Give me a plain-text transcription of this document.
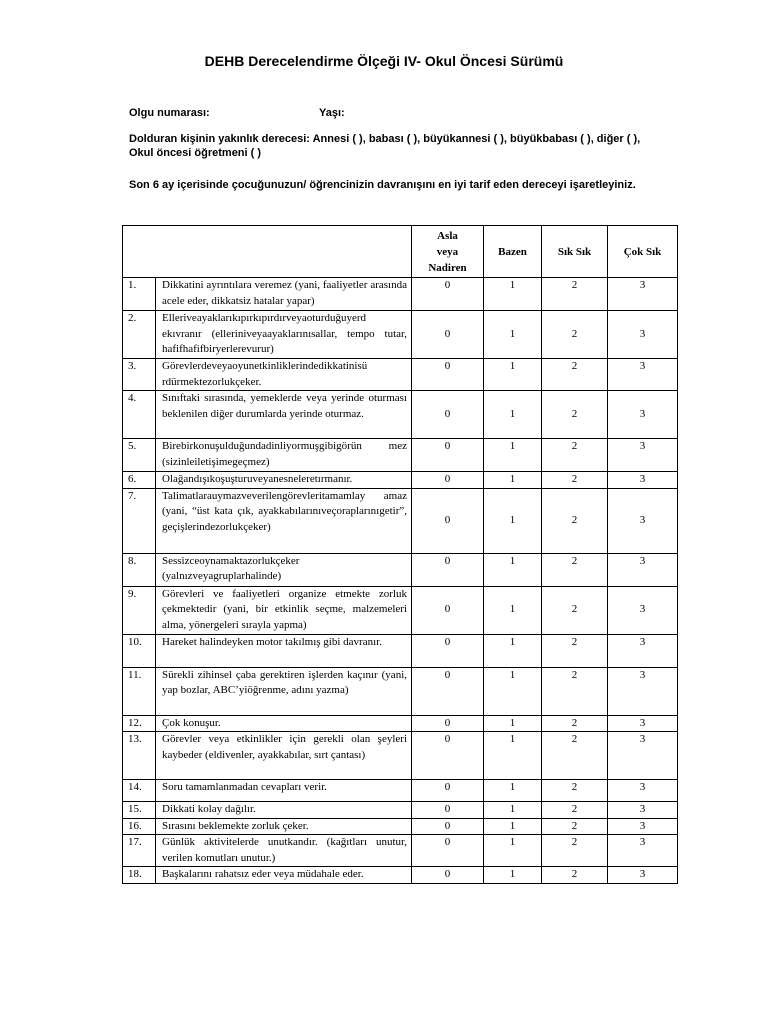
DEHB Derecelendirme Ölçeği IV- Okul Öncesi Sürümü
Olgu numarası:	Yaşı:
Dolduran kişinin yakınlık derecesi: Annesi ( ), babası ( ), büyükannesi ( ), büyükbabası ( ), diğer ( ),
Okul öncesi öğretmeni ( )
Son 6 ay içerisinde çocuğunuzun/ öğrencinizin davranışını en iyi tarif eden dereceyi işaretleyiniz.

		Asla veya Nadiren	Bazen	Sık Sık	Çok Sık
1.	Dikkatini ayrıntılara veremez (yani, faaliyetler arasında acele eder, dikkatsiz hatalar yapar)	0	1	2	3
2.	Elleriveayaklarıkıpırkıpırdırveyaoturduğuyerd ekıvranır (elleriniveyaayaklarınısallar, tempo tutar, hafifhafifbiryerlerevurur)	0	1	2	3
3.	Görevlerdeveyaoyunetkinliklerindedikkatinisü rdürmektezorlukçeker.	0	1	2	3
4.	Sınıftaki sırasında, yemeklerde veya yerinde oturması beklenilen diğer durumlarda yerinde oturmaz.	0	1	2	3
5.	Birebirkonuşulduğundadinliyormuşgibigörün mez (sizinleiletişimegeçmez)	0	1	2	3
6.	Olağandışıkoşuşturuveyanesneleretırmanır.	0	1	2	3
7.	Talimatlarauymazveverilengörevleritamamlay amaz (yani, “üst kata çık, ayakkabılarınıveçoraplarınıgetir”, geçişlerindezorlukçeker)	0	1	2	3
8.	Sessizceoynamaktazorlukçeker (yalnızveyagruplarhalinde)	0	1	2	3
9.	Görevleri ve faaliyetleri organize etmekte zorluk çekmektedir (yani, bir etkinlik seçme, malzemeleri alma, yönergeleri sırayla yapma)	0	1	2	3
10.	Hareket halindeyken motor takılmış gibi davranır.	0	1	2	3
11.	Sürekli zihinsel çaba gerektiren işlerden kaçınır (yani, yap bozlar, ABC’yiöğrenme, adını yazma)	0	1	2	3
12.	Çok konuşur.	0	1	2	3
13.	Görevler veya etkinlikler için gerekli olan şeyleri kaybeder (eldivenler, ayakkabılar, sırt çantası)	0	1	2	3
14.	Soru tamamlanmadan cevapları verir.	0	1	2	3
15.	Dikkati kolay dağılır.	0	1	2	3
16.	Sırasını beklemekte zorluk çeker.	0	1	2	3
17.	Günlük aktivitelerde unutkandır. (kağıtları unutur, verilen komutları unutur.)	0	1	2	3
18.	Başkalarını rahatsız eder veya müdahale eder.	0	1	2	3
